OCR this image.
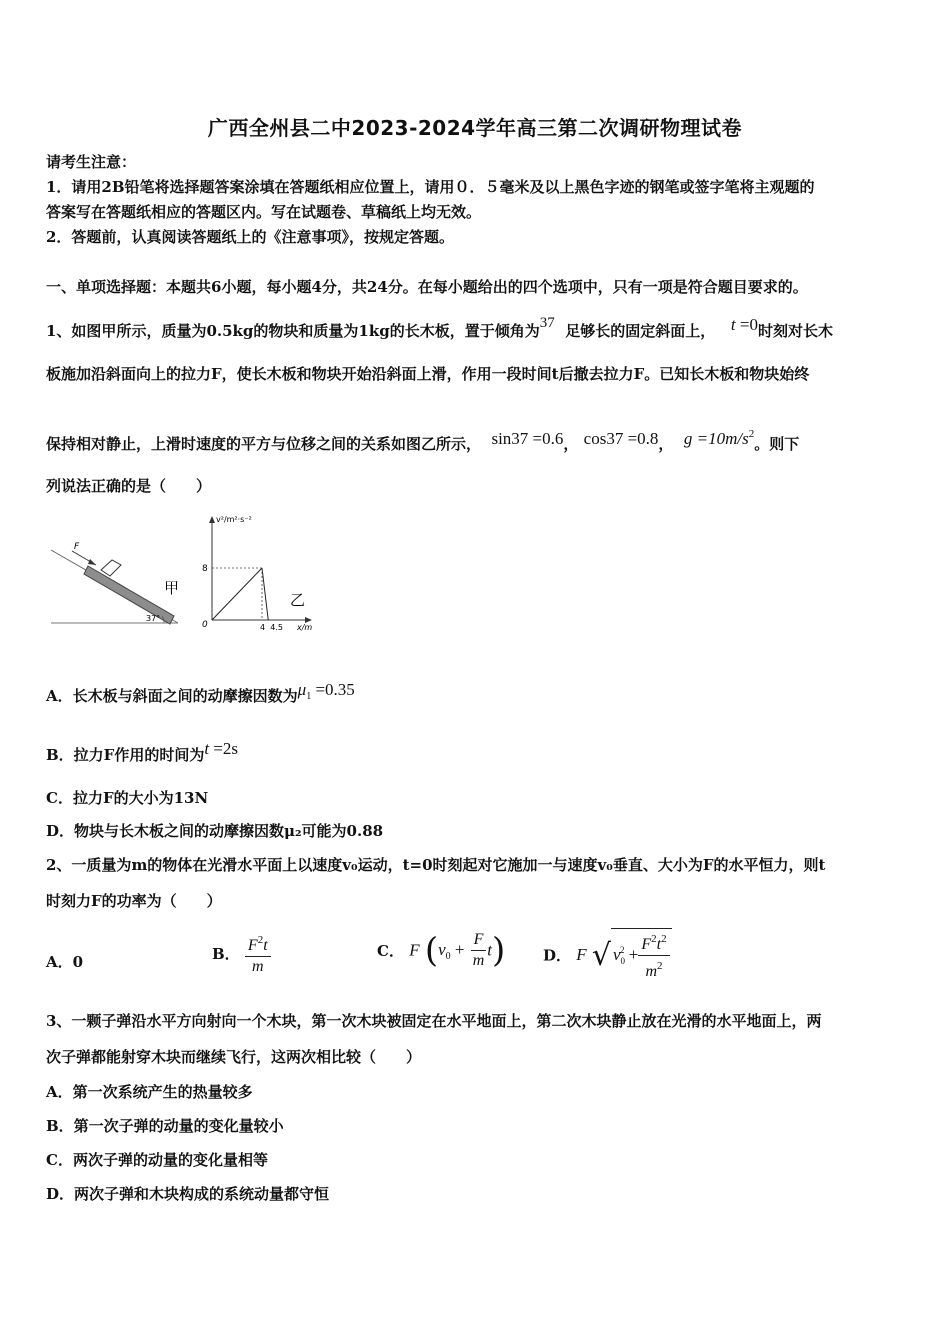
广西全州县二中2023-2024学年高三第二次调研物理试卷
请考生注意：
1．请用2B铅笔将选择题答案涂填在答题纸相应位置上，请用０．５毫米及以上黑色字迹的钢笔或签字笔将主观题的
答案写在答题纸相应的答题区内。写在试题卷、草稿纸上均无效。
2．答题前，认真阅读答题纸上的《注意事项》，按规定答题。
一、单项选择题：本题共6小题，每小题4分，共24分。在每小题给出的四个选项中，只有一项是符合题目要求的。
1、如图甲所示，质量为0.5kg的物块和质量为1kg的长木板，置于倾角为37 足够长的固定斜面上， t =0时刻对长木
板施加沿斜面向上的拉力F，使长木板和物块开始沿斜面上滑，作用一段时间t后撤去拉力F。已知长木板和物块始终
保持相对静止，上滑时速度的平方与位移之间的关系如图乙所示， sin37 =0.6， cos37 =0.8， $g =10m/s^2$。则下
列说法正确的是（　　）
F
甲
37°
v²/m²·s⁻²
x/m
0
乙
8
4 4.5
A．长木板与斜面之间的动摩擦因数为$\mu_1 =0.35$
B．拉力F作用的时间为t =2s
C．拉力F的大小为13N
D．物块与长木板之间的动摩擦因数μ₂可能为0.88
2、一质量为m的物体在光滑水平面上以速度v₀运动，t=0时刻起对它施加一与速度v₀垂直、大小为F的水平恒力，则t
时刻力F的功率为（　　）
A．0	B． $\frac{F^2t}{m}$	C． F $(v_0 + \frac{F}{m} t)$	D． F √ $v_0^2 + \frac{F^2t^2}{m^2}$
3、一颗子弹沿水平方向射向一个木块，第一次木块被固定在水平地面上，第二次木块静止放在光滑的水平地面上，两
次子弹都能射穿木块而继续飞行，这两次相比较（　　）
A．第一次系统产生的热量较多
B．第一次子弹的动量的变化量较小
C．两次子弹的动量的变化量相等
D．两次子弹和木块构成的系统动量都守恒
